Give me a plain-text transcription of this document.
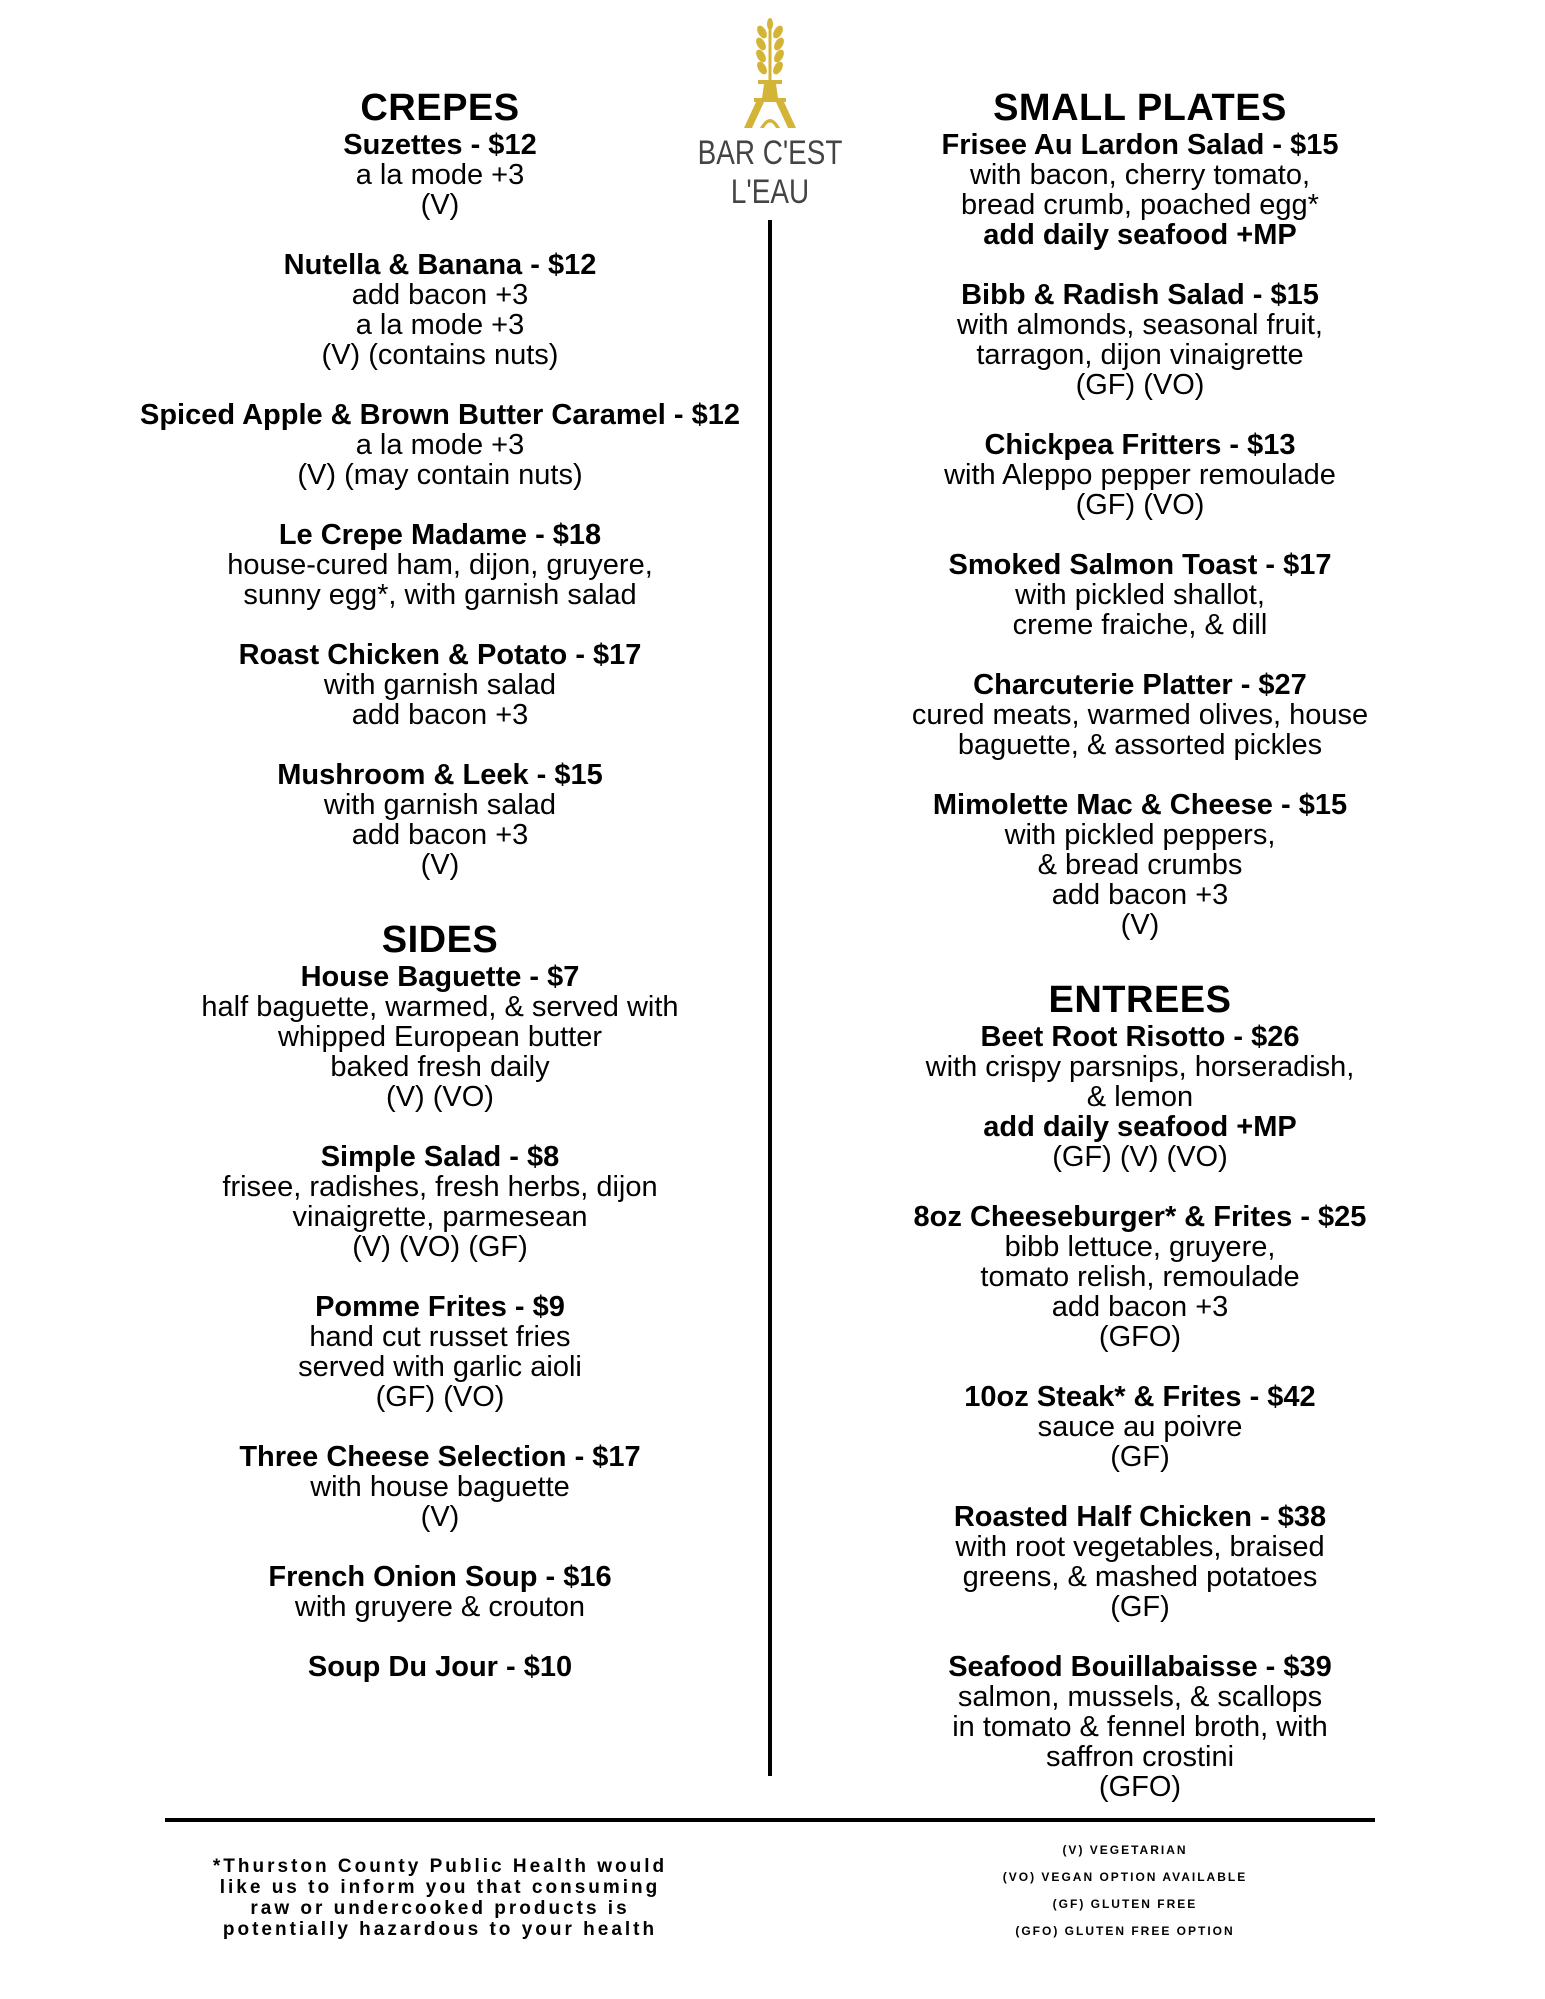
BAR C'EST L'EAU
CREPES
Suzettes - $12
a la mode +3
(V)
Nutella & Banana - $12
add bacon +3
a la mode +3
(V) (contains nuts)
Spiced Apple & Brown Butter Caramel - $12
a la mode +3
(V) (may contain nuts)
Le Crepe Madame - $18
house-cured ham, dijon, gruyere,
sunny egg*, with garnish salad
Roast Chicken & Potato - $17
with garnish salad
add bacon +3
Mushroom & Leek - $15
with garnish salad
add bacon +3
(V)
SIDES
House Baguette - $7
half baguette, warmed, & served with
whipped European butter
baked fresh daily
(V) (VO)
Simple Salad - $8
frisee, radishes, fresh herbs, dijon
vinaigrette, parmesean
(V) (VO) (GF)
Pomme Frites - $9
hand cut russet fries
served with garlic aioli
(GF) (VO)
Three Cheese Selection - $17
with house baguette
(V)
French Onion Soup - $16
with gruyere & crouton
Soup Du Jour - $10
SMALL PLATES
Frisee Au Lardon Salad - $15
with bacon, cherry tomato,
bread crumb, poached egg*
add daily seafood +MP
Bibb & Radish Salad - $15
with almonds, seasonal fruit,
tarragon, dijon vinaigrette
(GF) (VO)
Chickpea Fritters - $13
with Aleppo pepper remoulade
(GF) (VO)
Smoked Salmon Toast - $17
with pickled shallot,
creme fraiche, & dill
Charcuterie Platter - $27
cured meats, warmed olives, house
baguette, & assorted pickles
Mimolette Mac & Cheese - $15
with pickled peppers,
& bread crumbs
add bacon +3
(V)
ENTREES
Beet Root Risotto - $26
with crispy parsnips, horseradish,
& lemon
add daily seafood +MP
(GF) (V) (VO)
8oz Cheeseburger* & Frites - $25
bibb lettuce, gruyere,
tomato relish, remoulade
add bacon +3
(GFO)
10oz Steak* & Frites - $42
sauce au poivre
(GF)
Roasted Half Chicken - $38
with root vegetables, braised
greens, & mashed potatoes
(GF)
Seafood Bouillabaisse - $39
salmon, mussels, & scallops
in tomato & fennel broth, with
saffron crostini
(GFO)
*Thurston County Public Health would
like us to inform you that consuming
raw or undercooked products is
potentially hazardous to your health
(V) VEGETARIAN
(VO) VEGAN OPTION AVAILABLE
(GF) GLUTEN FREE
(GFO) GLUTEN FREE OPTION
